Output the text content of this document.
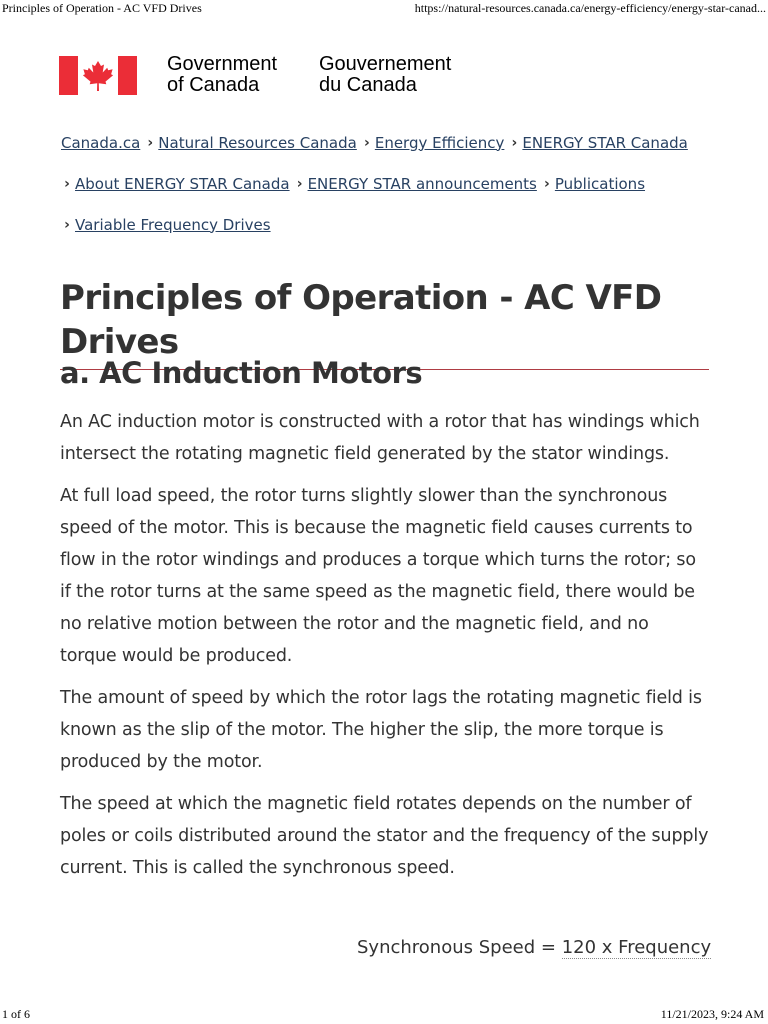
Principles of Operation - AC VFD Drives	https://natural-resources.canada.ca/energy-efficiency/energy-star-canad...
Government
of Canada
Gouvernement
du Canada
Canada.ca › Natural Resources Canada › Energy Efficiency › ENERGY STAR Canada
› About ENERGY STAR Canada › ENERGY STAR announcements › Publications
› Variable Frequency Drives
Principles of Operation - AC VFD Drives
a. AC Induction Motors

An AC induction motor is constructed with a rotor that has windings which intersect the rotating magnetic field generated by the stator windings.

At full load speed, the rotor turns slightly slower than the synchronous speed of the motor. This is because the magnetic field causes currents to flow in the rotor windings and produces a torque which turns the rotor; so if the rotor turns at the same speed as the magnetic field, there would be no relative motion between the rotor and the magnetic field, and no torque would be produced.

The amount of speed by which the rotor lags the rotating magnetic field is known as the slip of the motor. The higher the slip, the more torque is produced by the motor.

The speed at which the magnetic field rotates depends on the number of poles or coils distributed around the stator and the frequency of the supply current. This is called the synchronous speed.

Synchronous Speed = 120 x Frequency
1 of 6	11/21/2023, 9:24 AM
